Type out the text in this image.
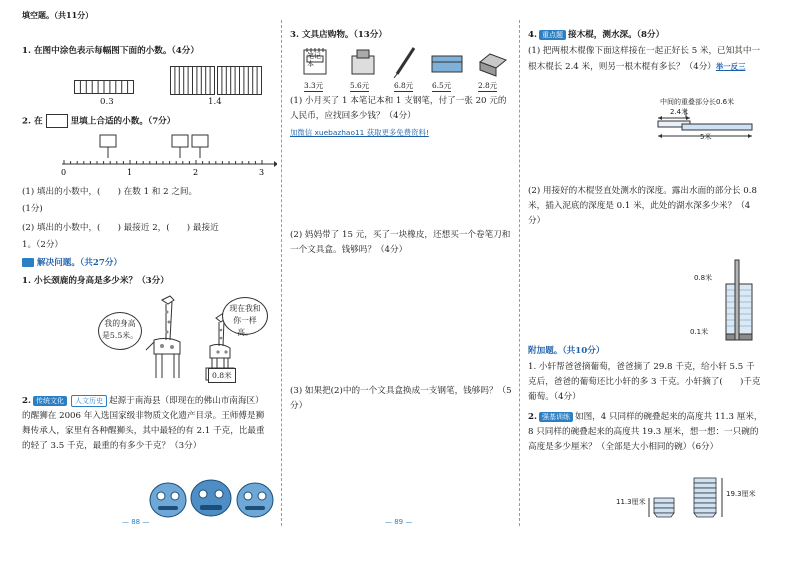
填空题。（共11分）
1. 在图中涂色表示每幅图下面的小数。（4分）
0.3	1.4
2. 在	里填上合适的小数。（7分）
0	1	2	3
(1) 填出的小数中，(　　) 在数 1 和 2 之间。
(1分)
(2) 填出的小数中，(　　) 最接近 2，(　　) 最接近
1。（2分）
解决问题。（共27分）
1. 小长颈鹿的身高是多少米？（3分）
我的身高是5.5米。
现在我和你一样高。
0.8米
2. 传统文化 人文历史 起源于南海县（即现在的佛山市南海区）的醒狮在 2006 年入选国家级非物质文化遗产目录。王师傅是狮舞传承人，家里有各种醒狮头，其中最轻的有 2.1 千克，比最重的轻了 3.5 千克，最重的有多少千克？（3分）
— 88 —
3. 文具店购物。（13分）
笔记本
3.3元	5.6元	6.8元	6.5元	2.8元
(1) 小月买了 1 本笔记本和 1 支钢笔，付了一张 20 元的人民币，应找回多少钱？（4分）
加微信 xuebazhao11 获取更多免费资料!
(2) 妈妈带了 15 元，买了一块橡皮，还想买一个卷笔刀和一个文具盒。钱够吗？（4分）
(3) 如果把(2)中的一个文具盒换成一支钢笔，钱够吗？（5分）
— 89 —
4. 重点题 接木棍，测水深。（8分）
(1) 把两根木棍像下面这样接在一起正好长 5 米，已知其中一根木棍长 2.4 米，则另一根木棍有多长？（4分）举一反三
中间的重叠部分长0.6米
2.4米
5米
(2) 用接好的木棍竖直处测水的深度。露出水面的部分长 0.8 米，插入泥底的深度是 0.1 米，此处的湖水深多少米？（4分）
0.8米
0.1米
附加题。（共10分）
1. 小轩帮爸爸摘葡萄，爸爸摘了 29.8 千克，给小轩 5.5 千克后，爸爸的葡萄还比小轩的多 3 千克。小轩摘了(　　)千克葡萄。（4分）
2. 强基训练 如图，4 只同样的碗叠起来的高度共 11.3 厘米，8 只同样的碗叠起来的高度共 19.3 厘米，想一想：一只碗的高度是多少厘米？（全部是大小相同的碗）（6分）
11.3厘米
19.3厘米
